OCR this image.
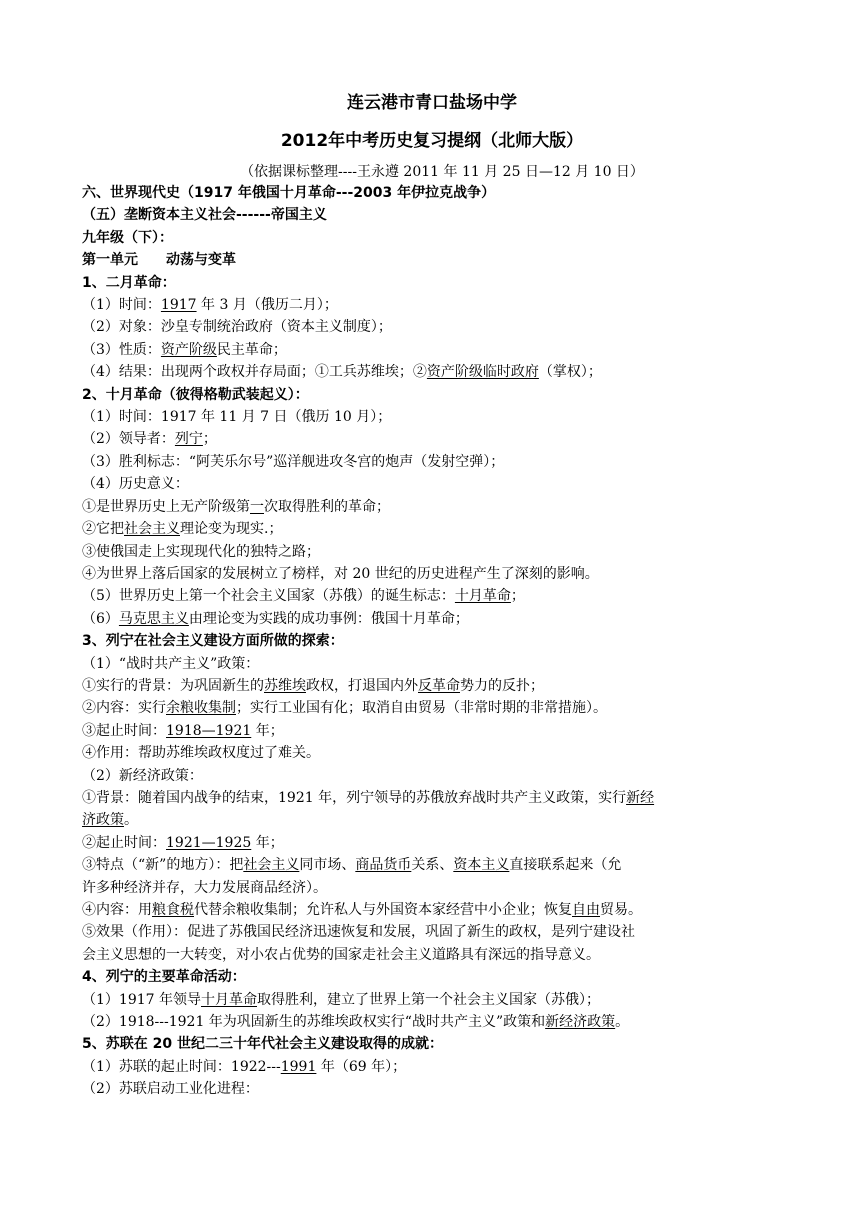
连云港市青口盐场中学
2012年中考历史复习提纲（北师大版）
（依据课标整理----王永遵 2011 年 11 月 25 日—12 月 10 日）
六、世界现代史（1917 年俄国十月革命---2003 年伊拉克战争）
（五）垄断资本主义社会------帝国主义
九年级（下）：
第一单元　　动荡与变革
1、二月革命：
（1）时间：1917 年 3 月（俄历二月）；
（2）对象：沙皇专制统治政府（资本主义制度）；
（3）性质：资产阶级民主革命；
（4）结果：出现两个政权并存局面；①工兵苏维埃；②资产阶级临时政府（掌权）；
2、十月革命（彼得格勒武装起义）：
（1）时间：1917 年 11 月 7 日（俄历 10 月）；
（2）领导者：列宁；
（3）胜利标志：“阿芙乐尔号”巡洋舰进攻冬宫的炮声（发射空弹）；
（4）历史意义：
①是世界历史上无产阶级第一次取得胜利的革命；
②它把社会主义理论变为现实.；
③使俄国走上实现现代化的独特之路；
④为世界上落后国家的发展树立了榜样，对 20 世纪的历史进程产生了深刻的影响。
（5）世界历史上第一个社会主义国家（苏俄）的诞生标志：十月革命；
（6）马克思主义由理论变为实践的成功事例：俄国十月革命；
3、列宁在社会主义建设方面所做的探索：
（1）“战时共产主义”政策：
①实行的背景：为巩固新生的苏维埃政权，打退国内外反革命势力的反扑；
②内容：实行余粮收集制；实行工业国有化；取消自由贸易（非常时期的非常措施）。
③起止时间：1918—1921 年；
④作用：帮助苏维埃政权度过了难关。
（2）新经济政策：
①背景：随着国内战争的结束，1921 年，列宁领导的苏俄放弃战时共产主义政策，实行新经
济政策。
②起止时间：1921—1925 年；
③特点（“新”的地方）：把社会主义同市场、商品货币关系、资本主义直接联系起来（允
许多种经济并存，大力发展商品经济）。
④内容：用粮食税代替余粮收集制；允许私人与外国资本家经营中小企业；恢复自由贸易。
⑤效果（作用）：促进了苏俄国民经济迅速恢复和发展，巩固了新生的政权，是列宁建设社
会主义思想的一大转变，对小农占优势的国家走社会主义道路具有深远的指导意义。
4、列宁的主要革命活动：
（1）1917 年领导十月革命取得胜利，建立了世界上第一个社会主义国家（苏俄）；
（2）1918---1921 年为巩固新生的苏维埃政权实行“战时共产主义”政策和新经济政策。
5、苏联在 20 世纪二三十年代社会主义建设取得的成就：
（1）苏联的起止时间：1922---1991 年（69 年）；
（2）苏联启动工业化进程：
